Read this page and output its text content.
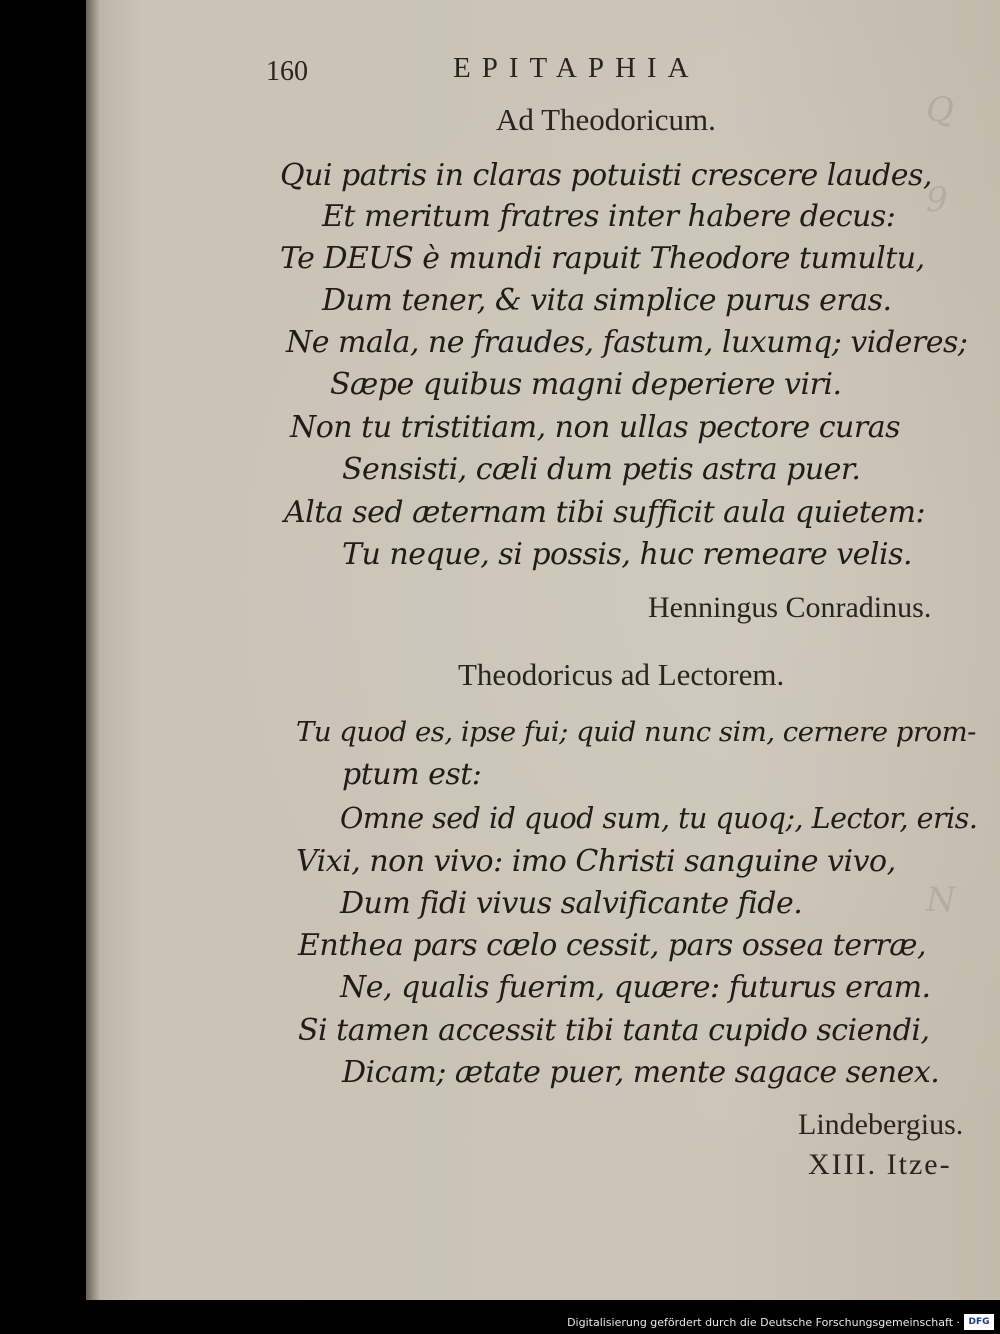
Q
9
N
160	EPITAPHIA
Ad Theodoricum.
Qui patris in claras potuisti crescere laudes,
Et meritum fratres inter habere decus:
Te DEUS è mundi rapuit Theodore tumultu,
Dum tener, & vita simplice purus eras.
Ne mala, ne fraudes, fastum, luxumq; videres;
Sæpe quibus magni deperiere viri.
Non tu tristitiam, non ullas pectore curas
Sensisti, cæli dum petis astra puer.
Alta sed æternam tibi sufficit aula quietem:
Tu neque, si possis, huc remeare velis.
Henningus Conradinus.
Theodoricus ad Lectorem.
Tu quod es, ipse fui; quid nunc sim, cernere prom-
ptum est:
Omne sed id quod sum, tu quoq;, Lector, eris.
Vixi, non vivo: imo Christi sanguine vivo,
Dum fidi vivus salvificante fide.
Enthea pars cælo cessit, pars ossea terræ,
Ne, qualis fuerim, quære: futurus eram.
Si tamen accessit tibi tanta cupido sciendi,
Dicam; ætate puer, mente sagace senex.
Lindebergius.
XIII. Itze-
Digitalisierung gefördert durch die Deutsche Forschungsgemeinschaft · DFG
